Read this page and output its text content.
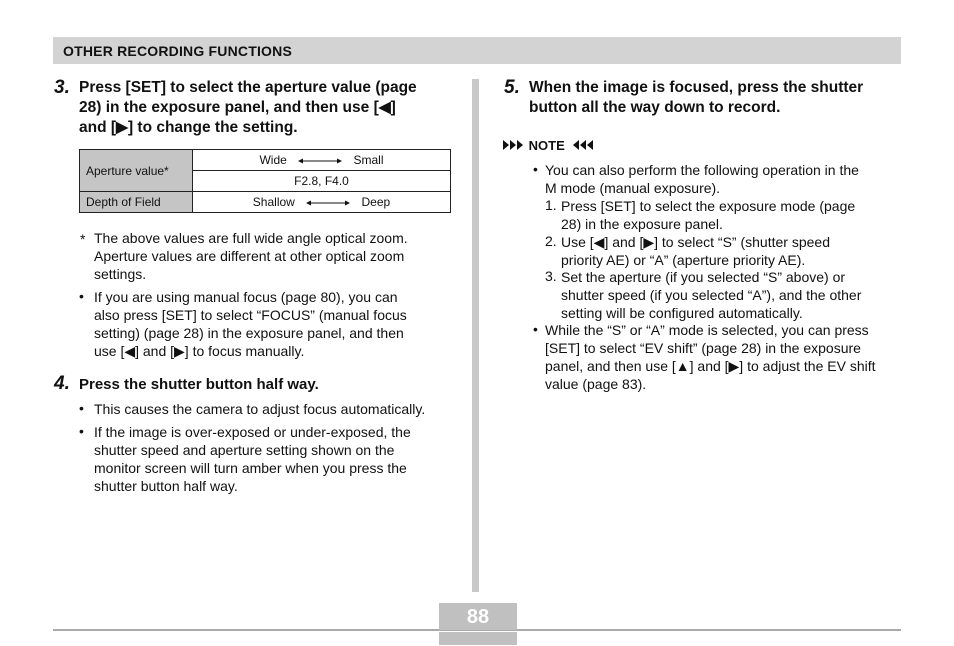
OTHER RECORDING FUNCTIONS
3. Press [SET] to select the aperture value (page
28) in the exposure panel, and then use [◀]
and [▶] to change the setting.
Aperture value*	Wide Small
	F2.8, F4.0
Depth of Field	Shallow Deep
* The above values are full wide angle optical zoom.
Aperture values are different at other optical zoom
settings.
• If you are using manual focus (page 80), you can
also press [SET] to select “FOCUS” (manual focus
setting) (page 28) in the exposure panel, and then
use [◀] and [▶] to focus manually.
4. Press the shutter button half way.
• This causes the camera to adjust focus automatically.
• If the image is over-exposed or under-exposed, the
shutter speed and aperture setting shown on the
monitor screen will turn amber when you press the
shutter button half way.
5. When the image is focused, press the shutter
button all the way down to record.
NOTE
• You can also perform the following operation in the
M mode (manual exposure).
1. Press [SET] to select the exposure mode (page
28) in the exposure panel.
2. Use [◀] and [▶] to select “S” (shutter speed
priority AE) or “A” (aperture priority AE).
3. Set the aperture (if you selected “S” above) or
shutter speed (if you selected “A”), and the other
setting will be configured automatically.
• While the “S” or “A” mode is selected, you can press
[SET] to select “EV shift” (page 28) in the exposure
panel, and then use [▲] and [▶] to adjust the EV shift
value (page 83).
88
